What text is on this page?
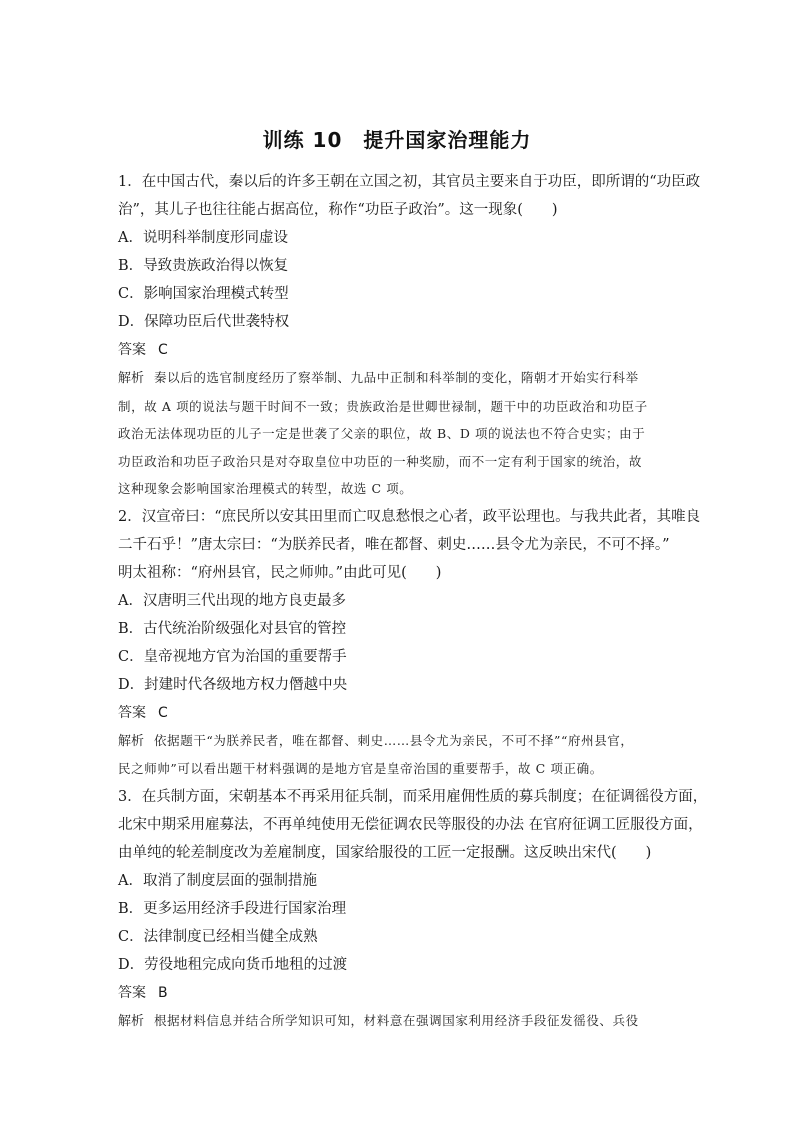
训练 10　提升国家治理能力
1．在中国古代，秦以后的许多王朝在立国之初，其官员主要来自于功臣，即所谓的“功臣政
治”，其儿子也往往能占据高位，称作“功臣子政治”。这一现象(　　)
A．说明科举制度形同虚设
B．导致贵族政治得以恢复
C．影响国家治理模式转型
D．保障功臣后代世袭特权
答案 C
解析 秦以后的选官制度经历了察举制、九品中正制和科举制的变化，隋朝才开始实行科举
制，故 A 项的说法与题干时间不一致；贵族政治是世卿世禄制，题干中的功臣政治和功臣子
政治无法体现功臣的儿子一定是世袭了父亲的职位，故 B、D 项的说法也不符合史实；由于
功臣政治和功臣子政治只是对夺取皇位中功臣的一种奖励，而不一定有利于国家的统治，故
这种现象会影响国家治理模式的转型，故选 C 项。
2．汉宣帝曰：“庶民所以安其田里而亡叹息愁恨之心者，政平讼理也。与我共此者，其唯良
二千石乎！”唐太宗曰：“为朕养民者，唯在都督、刺史……县令尤为亲民，不可不择。”
明太祖称：“府州县官，民之师帅。”由此可见(　　)
A．汉唐明三代出现的地方良吏最多
B．古代统治阶级强化对县官的管控
C．皇帝视地方官为治国的重要帮手
D．封建时代各级地方权力僭越中央
答案 C
解析 依据题干“为朕养民者，唯在都督、刺史……县令尤为亲民，不可不择”“府州县官，
民之师帅”可以看出题干材料强调的是地方官是皇帝治国的重要帮手，故 C 项正确。
3．在兵制方面，宋朝基本不再采用征兵制，而采用雇佣性质的募兵制度；在征调徭役方面，
北宋中期采用雇募法，不再单纯使用无偿征调农民等服役的办法 在官府征调工匠服役方面，
由单纯的轮差制度改为差雇制度，国家给服役的工匠一定报酬。这反映出宋代(　　)
A．取消了制度层面的强制措施
B．更多运用经济手段进行国家治理
C．法律制度已经相当健全成熟
D．劳役地租完成向货币地租的过渡
答案 B
解析 根据材料信息并结合所学知识可知，材料意在强调国家利用经济手段征发徭役、兵役
